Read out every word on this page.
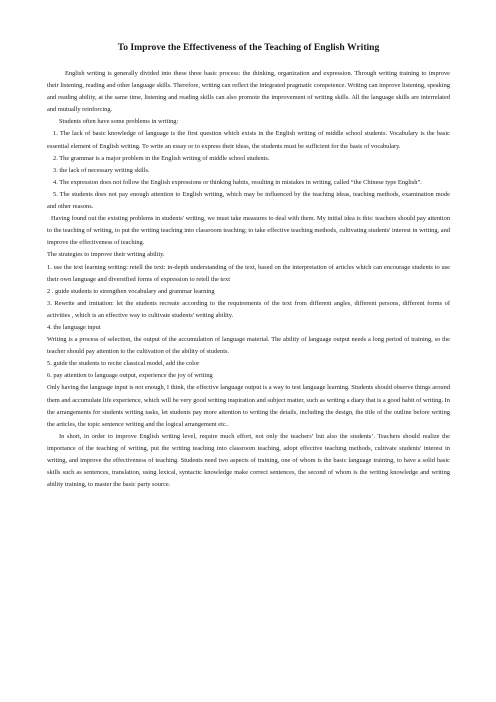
To Improve the Effectiveness of the Teaching of English Writing

English writing is generally divided into these three basic process: the thinking, organization and expression. Through writing training to improve their listening, reading and other language skills. Therefore, writing can reflect the integrated pragmatic competence. Writing can improve listening, speaking and reading ability, at the same time, listening and reading skills can also promote the improvement of writing skills. All the language skills are interrelated and mutually reinforcing.

Students often have some problems in writing:

1. The lack of basic knowledge of language is the first question which exists in the English writing of middle school students. Vocabulary is the basic essential element of English writing. To write an essay or to express their ideas, the students must be sufficient for the basis of vocabulary.

2. The grammar is a major problem in the English writing of middle school students.

3. the lack of necessary writing skills.

4. The expression does not follow the English expressions or thinking habits, resulting in mistakes in writing, called “the Chinese type English”.

5. The students does not pay enough attention to English writing, which may be influenced by the teaching ideas, teaching methods, examination mode and other reasons.

Having found out the existing problems in students' writing, we must take measures to deal with them. My initial idea is this: teachers should pay attention to the teaching of writing, to put the writing teaching into classroom teaching; to take effective teaching methods, cultivating students' interest in writing, and improve the effectiveness of teaching.

The strategies to improve their writing ability.

1. use the text learning writing: retell the text: in-depth understanding of the text, based on the interpretation of articles which can encourage students to use their own language and diversified forms of expression to retell the text

2 . guide students to strengthen vocabulary and grammar learning

3. Rewrite and imitation: let the students recreate according to the requirements of the text from different angles, different persons, different forms of activities , which is an effective way to cultivate students' writing ability.

4. the language input

Writing is a process of selection, the output of the accumulation of language material. The ability of language output needs a long period of training, so the teacher should pay attention to the cultivation of the ability of students.

5. guide the students to recite classical model, add the color

6. pay attention to language output, experience the joy of writing

Only having the language input is not enough, I think, the effective language output is a way to test language learning. Students should observe things around them and accumulate life experience, which will be very good writing inspiration and subject matter, such as writing a diary that is a good habit of writing. In the arrangements for students writing tasks, let students pay more attention to writing the details, including the design, the title of the outline before writing the articles, the topic sentence writing and the logical arrangement etc..

In short, in order to improve English writing level, require much effort, not only the teachers’ but also the students’. Teachers should realize the importance of the teaching of writing, put the writing teaching into classroom teaching, adopt effective teaching methods, cultivate students' interest in writing, and improve the effectiveness of teaching. Students need two aspects of training, one of whom is the basic language training, to have a solid basic skills such as sentences, translation, using lexical, syntactic knowledge make correct sentences, the second of whom is the writing knowledge and writing ability training, to master the basic party source.
